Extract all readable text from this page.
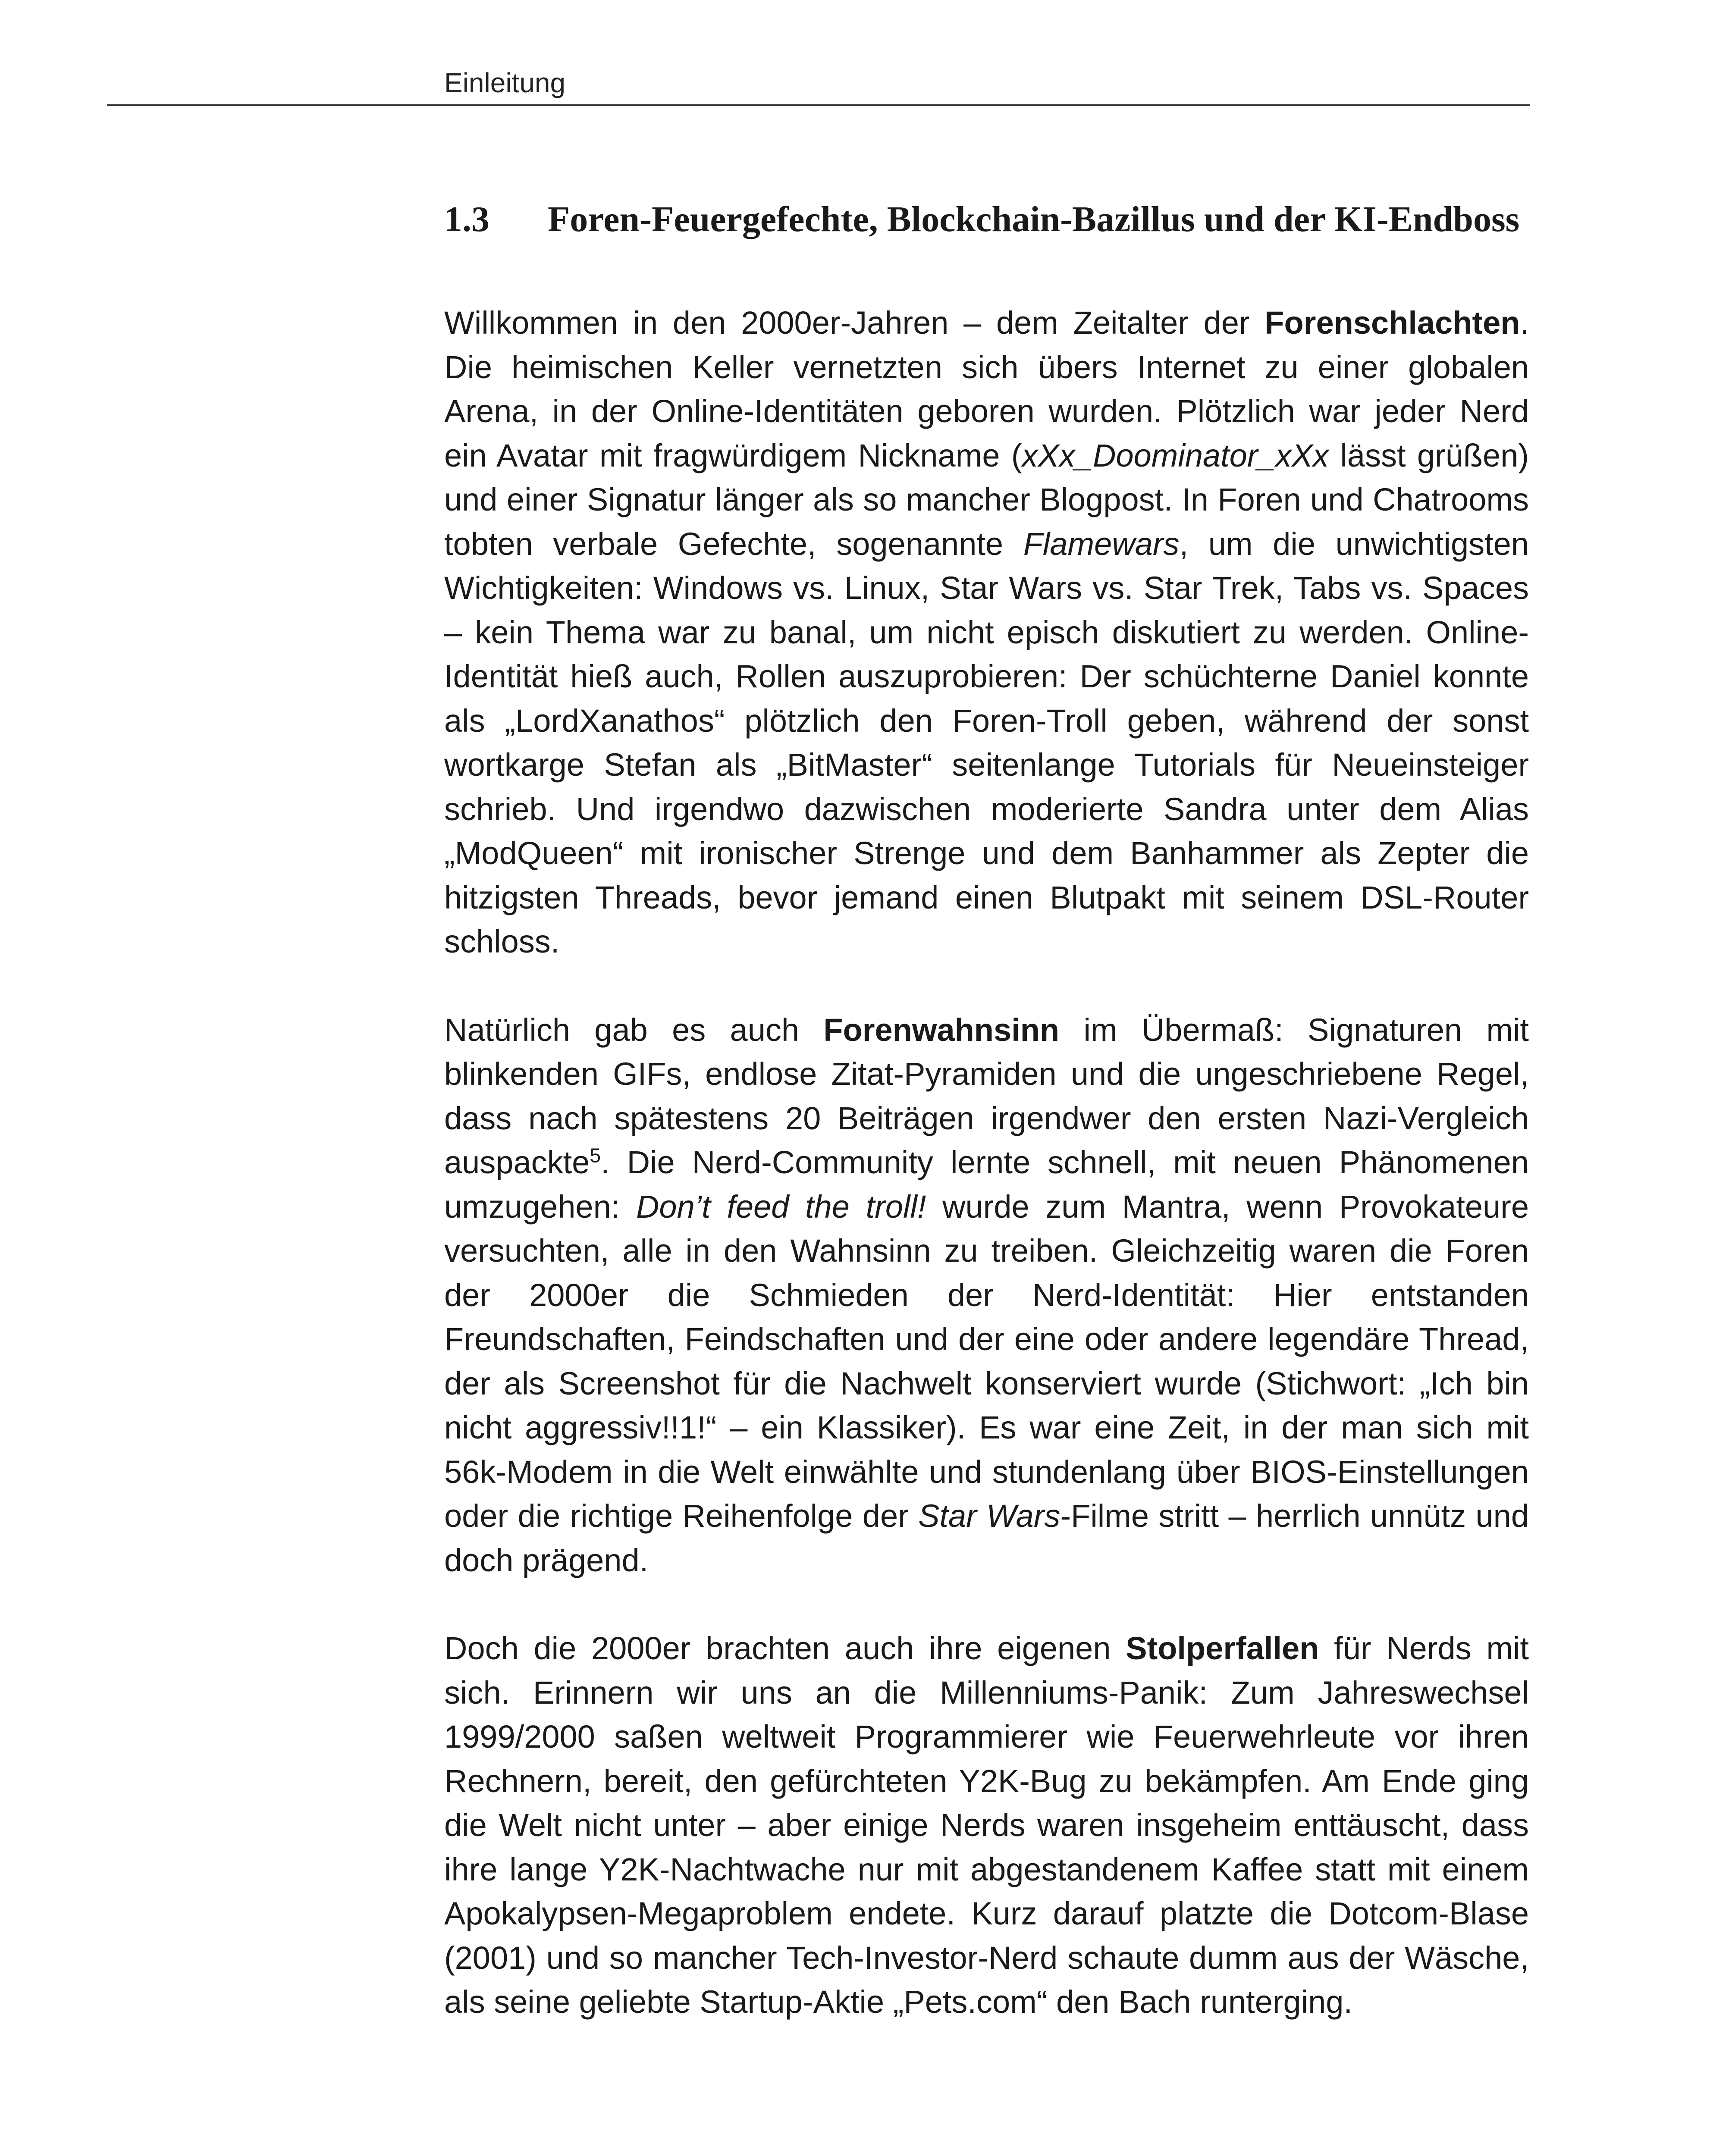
Einleitung
1.3	Foren-Feuergefechte, Blockchain-Bazillus und der KI-Endboss

Willkommen in den 2000er-Jahren – dem Zeitalter der Forenschlachten. Die heimischen Keller vernetzten sich übers Internet zu einer globalen Arena, in der Online-Identitäten geboren wurden. Plötzlich war jeder Nerd ein Avatar mit fragwürdigem Nickname (xXx_Doominator_xXx lässt grüßen) und einer Signatur länger als so mancher Blogpost. In Foren und Chatrooms tobten verbale Gefechte, sogenannte Flamewars, um die unwichtigsten Wichtigkeiten: Windows vs. Linux, Star Wars vs. Star Trek, Tabs vs. Spaces – kein Thema war zu banal, um nicht episch diskutiert zu werden. Online-Identität hieß auch, Rollen auszuprobieren: Der schüchterne Daniel konnte als „LordXanathos“ plötzlich den Foren-Troll geben, während der sonst wortkarge Stefan als „BitMaster“ seitenlange Tutorials für Neueinsteiger schrieb. Und irgendwo dazwischen moderierte Sandra unter dem Alias „ModQueen“ mit ironischer Strenge und dem Banhammer als Zepter die hitzigsten Threads, bevor jemand einen Blutpakt mit seinem DSL-Router schloss.

Natürlich gab es auch Forenwahnsinn im Übermaß: Signaturen mit blinkenden GIFs, endlose Zitat-Pyramiden und die ungeschriebene Regel, dass nach spätestens 20 Beiträgen irgendwer den ersten Nazi-Vergleich auspackte$^5$. Die Nerd-Community lernte schnell, mit neuen Phänomenen umzugehen: Don’t feed the troll! wurde zum Mantra, wenn Provokateure versuchten, alle in den Wahnsinn zu treiben. Gleichzeitig waren die Foren der 2000er die Schmieden der Nerd-Identität: Hier entstanden Freundschaften, Feindschaften und der eine oder andere legendäre Thread, der als Screenshot für die Nachwelt konserviert wurde (Stichwort: „Ich bin nicht aggressiv!!1!“ – ein Klassiker). Es war eine Zeit, in der man sich mit 56k-Modem in die Welt einwählte und stundenlang über BIOS-Einstellungen oder die richtige Reihenfolge der Star Wars-Filme stritt – herrlich unnütz und doch prägend.

Doch die 2000er brachten auch ihre eigenen Stolperfallen für Nerds mit sich. Erinnern wir uns an die Millenniums-Panik: Zum Jahreswechsel 1999/2000 saßen weltweit Programmierer wie Feuerwehrleute vor ihren Rechnern, bereit, den gefürchteten Y2K-Bug zu bekämpfen. Am Ende ging die Welt nicht unter – aber einige Nerds waren insgeheim enttäuscht, dass ihre lange Y2K-Nachtwache nur mit abgestandenem Kaffee statt mit einem Apokalypsen-Megaproblem endete. Kurz darauf platzte die Dotcom-Blase (2001) und so mancher Tech-Investor-Nerd schaute dumm aus der Wäsche, als seine geliebte Startup-Aktie „Pets.com“ den Bach runterging.
